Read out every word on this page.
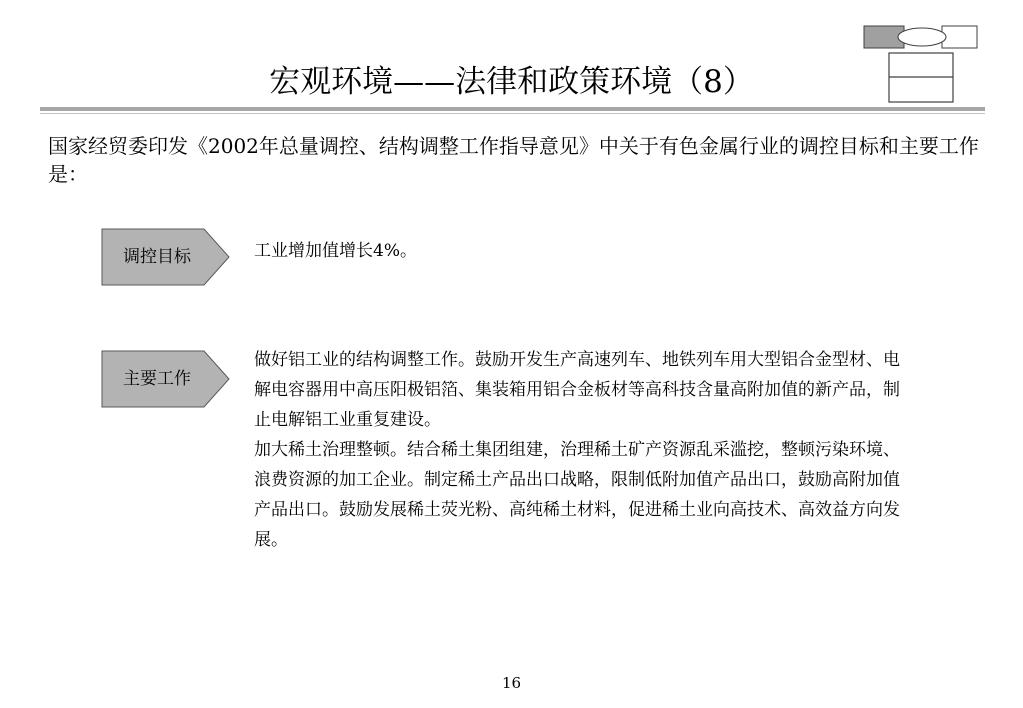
宏观环境——法律和政策环境（8）
国家经贸委印发《2002年总量调控、结构调整工作指导意见》中关于有色金属行业的调控目标和主要工作是：
调控目标	工业增加值增长4%。
主要工作

做好铝工业的结构调整工作。鼓励开发生产高速列车、地铁列车用大型铝合金型材、电解电容器用中高压阳极铝箔、集装箱用铝合金板材等高科技含量高附加值的新产品，制止电解铝工业重复建设。

加大稀土治理整顿。结合稀土集团组建，治理稀土矿产资源乱采滥挖，整顿污染环境、浪费资源的加工企业。制定稀土产品出口战略，限制低附加值产品出口，鼓励高附加值产品出口。鼓励发展稀土荧光粉、高纯稀土材料，促进稀土业向高技术、高效益方向发展。

16
